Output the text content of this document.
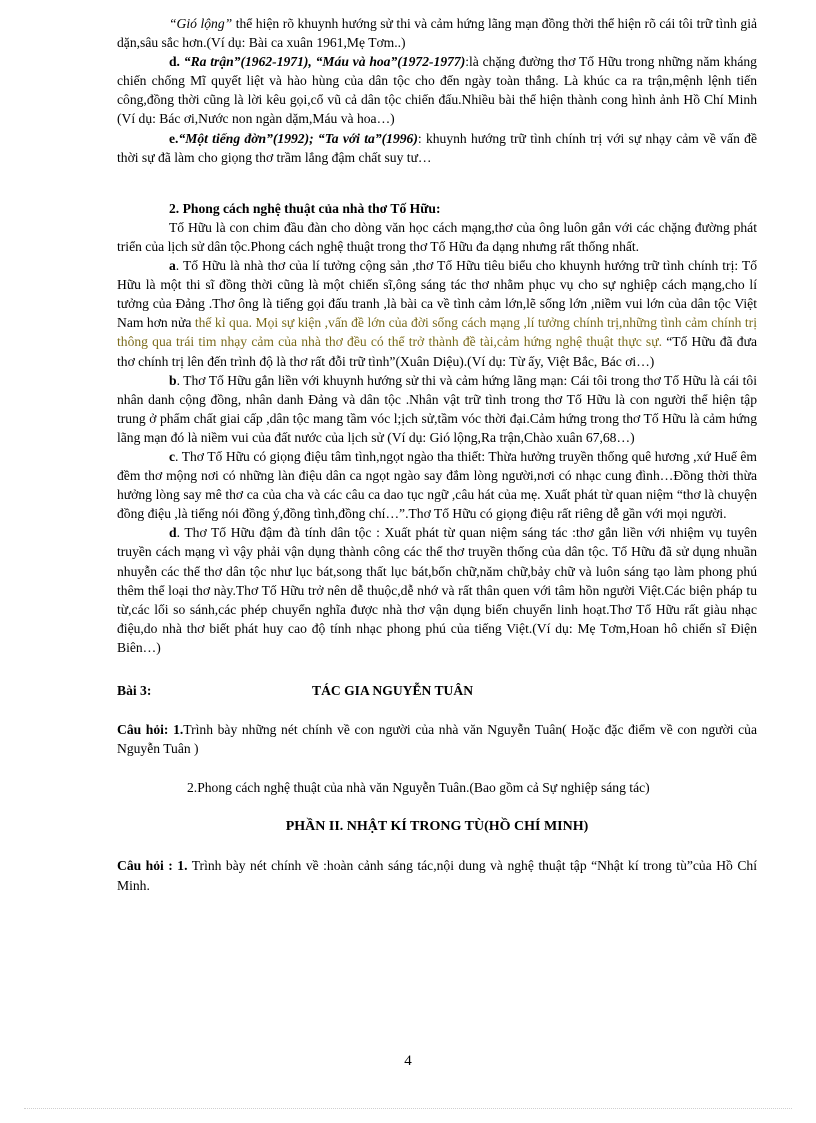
“Gió lộng” thể hiện rõ khuynh hướng sử thi và cảm hứng lãng mạn đồng thời thể hiện rõ cái tôi trữ tình giả dặn,sâu sắc hơn.(Ví dụ: Bài ca xuân 1961,Mẹ Tơm..)

d. “Ra trận”(1962-1971), “Máu và hoa”(1972-1977):là chặng đường thơ Tố Hữu trong những năm kháng chiến chống Mĩ quyết liệt và hào hùng của dân tộc cho đến ngày toàn thắng. Là khúc ca ra trận,mệnh lệnh tiến công,đồng thời cũng là lời kêu gọi,cổ vũ cả dân tộc chiến đấu.Nhiều bài thể hiện thành cong hình ảnh Hồ Chí Minh (Ví dụ: Bác ơi,Nước non ngàn dặm,Máu và hoa…)

e.“Một tiếng đờn”(1992); “Ta với ta”(1996): khuynh hướng trữ tình chính trị với sự nhạy cảm về vấn đề thời sự đã làm cho giọng thơ trầm lắng đậm chất suy tư…

2. Phong cách nghệ thuật của nhà thơ Tố Hữu:

Tố Hữu là con chim đầu đàn cho dòng văn học cách mạng,thơ của ông luôn gắn với các chặng đường phát triển của lịch sử dân tộc.Phong cách nghệ thuật trong thơ Tố Hữu đa dạng nhưng rất thống nhất.

a. Tố Hữu là nhà thơ của lí tưởng cộng sản ,thơ Tố Hữu tiêu biểu cho khuynh hướng trữ tình chính trị: Tố Hữu là một thi sĩ đồng thời cũng là một chiến sĩ,ông sáng tác thơ nhằm phục vụ cho sự nghiệp cách mạng,cho lí tưởng của Đảng .Thơ ông là tiếng gọi đấu tranh ,là bài ca về tình cảm lớn,lẽ sống lớn ,niềm vui lớn của dân tộc Việt Nam hơn nửa thế kỉ qua. Mọi sự kiện ,vấn đề lớn của đời sống cách mạng ,lí tưởng chính trị,những tình cảm chính trị thông qua trái tim nhạy cảm của nhà thơ đều có thể trở thành đề tài,cảm hứng nghệ thuật thực sự. “Tố Hữu đã đưa thơ chính trị lên đến trình độ là thơ rất đỗi trữ tình”(Xuân Diệu).(Ví dụ: Từ ấy, Việt Bắc, Bác ơi…)

b. Thơ Tố Hữu gắn liền với khuynh hướng sử thi và cảm hứng lãng mạn: Cái tôi trong thơ Tố Hữu là cái tôi nhân danh cộng đồng, nhân danh Đảng và dân tộc .Nhân vật trữ tình trong thơ Tố Hữu là con người thể hiện tập trung ở phẩm chất giai cấp ,dân tộc mang tầm vóc l;ịch sử,tầm vóc thời đại.Cảm hứng trong thơ Tố Hữu là cảm hứng lãng mạn đó là niềm vui của đất nước của lịch sử (Ví dụ: Gió lộng,Ra trận,Chào xuân 67,68…)

c. Thơ Tố Hữu có giọng điệu tâm tình,ngọt ngào tha thiết: Thừa hưởng truyền thống quê hương ,xứ Huế êm đềm thơ mộng nơi có những làn điệu dân ca ngọt ngào say đắm lòng người,nơi có nhạc cung đình…Đồng thời thừa hưởng lòng say mê thơ ca của cha và các câu ca dao tục ngữ ,câu hát của mẹ. Xuất phát từ quan niệm “thơ là chuyện đồng điệu ,là tiếng nói đồng ý,đồng tình,đồng chí…”.Thơ Tố Hữu có giọng điệu rất riêng dễ gần với mọi người.

d. Thơ Tố Hữu đậm đà tính dân tộc : Xuất phát từ quan niệm sáng tác :thơ gắn liền với nhiệm vụ tuyên truyền cách mạng vì vậy phải vận dụng thành công các thể thơ truyền thống của dân tộc. Tố Hữu đã sử dụng nhuần nhuyễn các thể thơ dân tộc như lục bát,song thất lục bát,bốn chữ,năm chữ,bảy chữ và luôn sáng tạo làm phong phú thêm thể loại thơ này.Thơ Tố Hữu trở nên dễ thuộc,dễ nhớ và rất thân quen với tâm hồn người Việt.Các biện pháp tu từ,các lối so sánh,các phép chuyển nghĩa được nhà thơ vận dụng biến chuyển linh hoạt.Thơ Tố Hữu rất giàu nhạc điệu,do nhà thơ biết phát huy cao độ tính nhạc phong phú của tiếng Việt.(Ví dụ: Mẹ Tơm,Hoan hô chiến sĩ Điện Biên…)

Bài 3:	TÁC GIA NGUYỄN TUÂN

Câu hỏi: 1.Trình bày những nét chính về con người của nhà văn Nguyễn Tuân( Hoặc đặc điểm về con người của Nguyễn Tuân )

2.Phong cách nghệ thuật của nhà văn Nguyễn Tuân.(Bao gồm cả Sự nghiệp sáng tác)

PHẦN II. NHẬT KÍ TRONG TÙ(HỒ CHÍ MINH)

Câu hỏi : 1. Trình bày nét chính về :hoàn cảnh sáng tác,nội dung và nghệ thuật tập “Nhật kí trong tù”của Hồ Chí Minh.

4
